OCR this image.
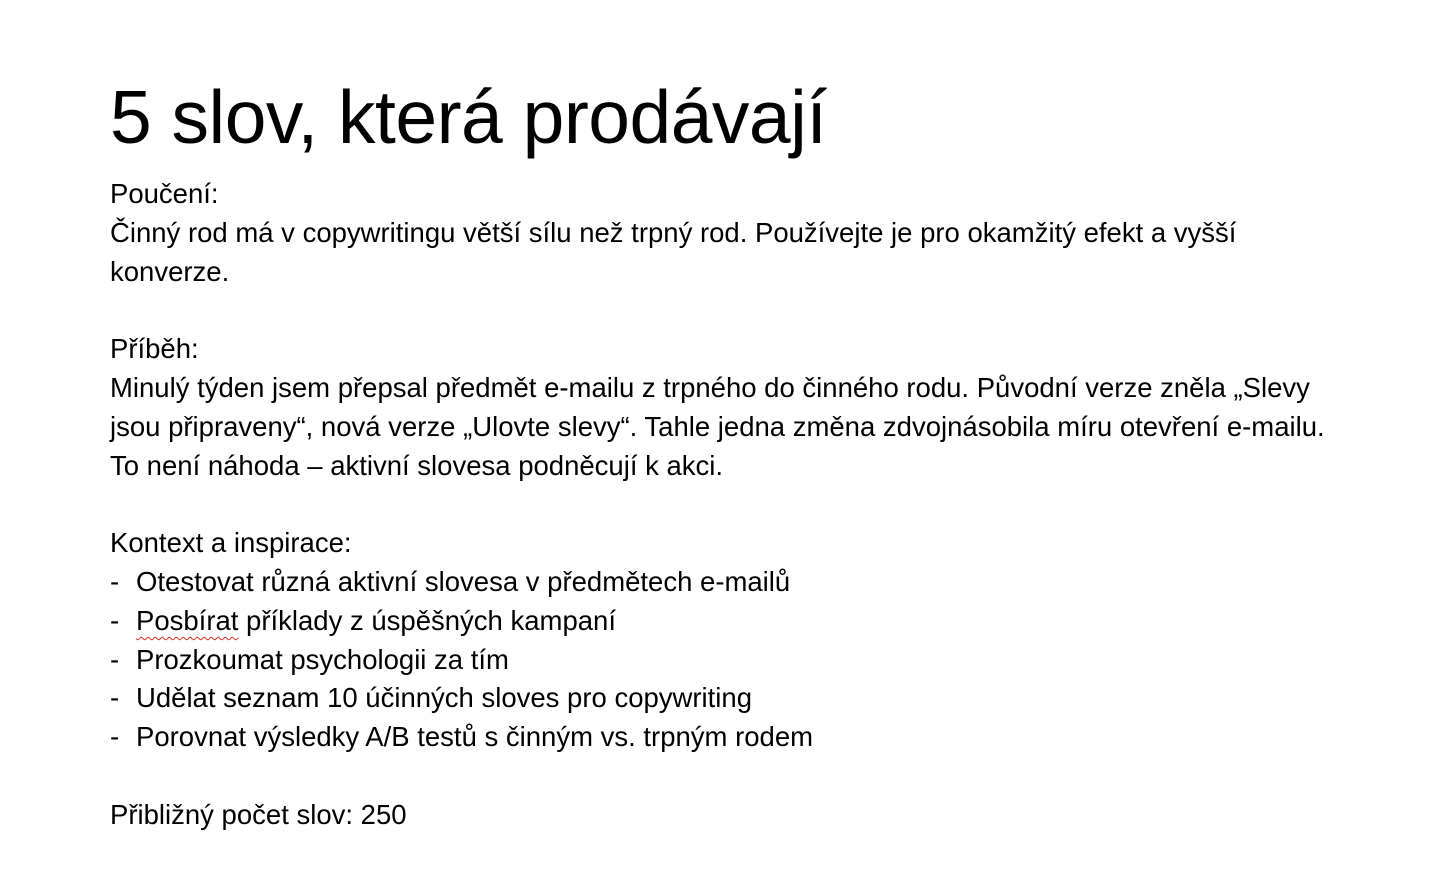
5 slov, která prodávají
Poučení:
Činný rod má v copywritingu větší sílu než trpný rod. Používejte je pro okamžitý efekt a vyšší konverze.
Příběh:
Minulý týden jsem přepsal předmět e-mailu z trpného do činného rodu. Původní verze zněla „Slevy jsou připraveny“, nová verze „Ulovte slevy“. Tahle jedna změna zdvojnásobila míru otevření e-mailu. To není náhoda – aktivní slovesa podněcují k akci.
Kontext a inspirace:
- Otestovat různá aktivní slovesa v předmětech e-mailů
- Posbírat příklady z úspěšných kampaní
- Prozkoumat psychologii za tím
- Udělat seznam 10 účinných sloves pro copywriting
- Porovnat výsledky A/B testů s činným vs. trpným rodem
Přibližný počet slov: 250
